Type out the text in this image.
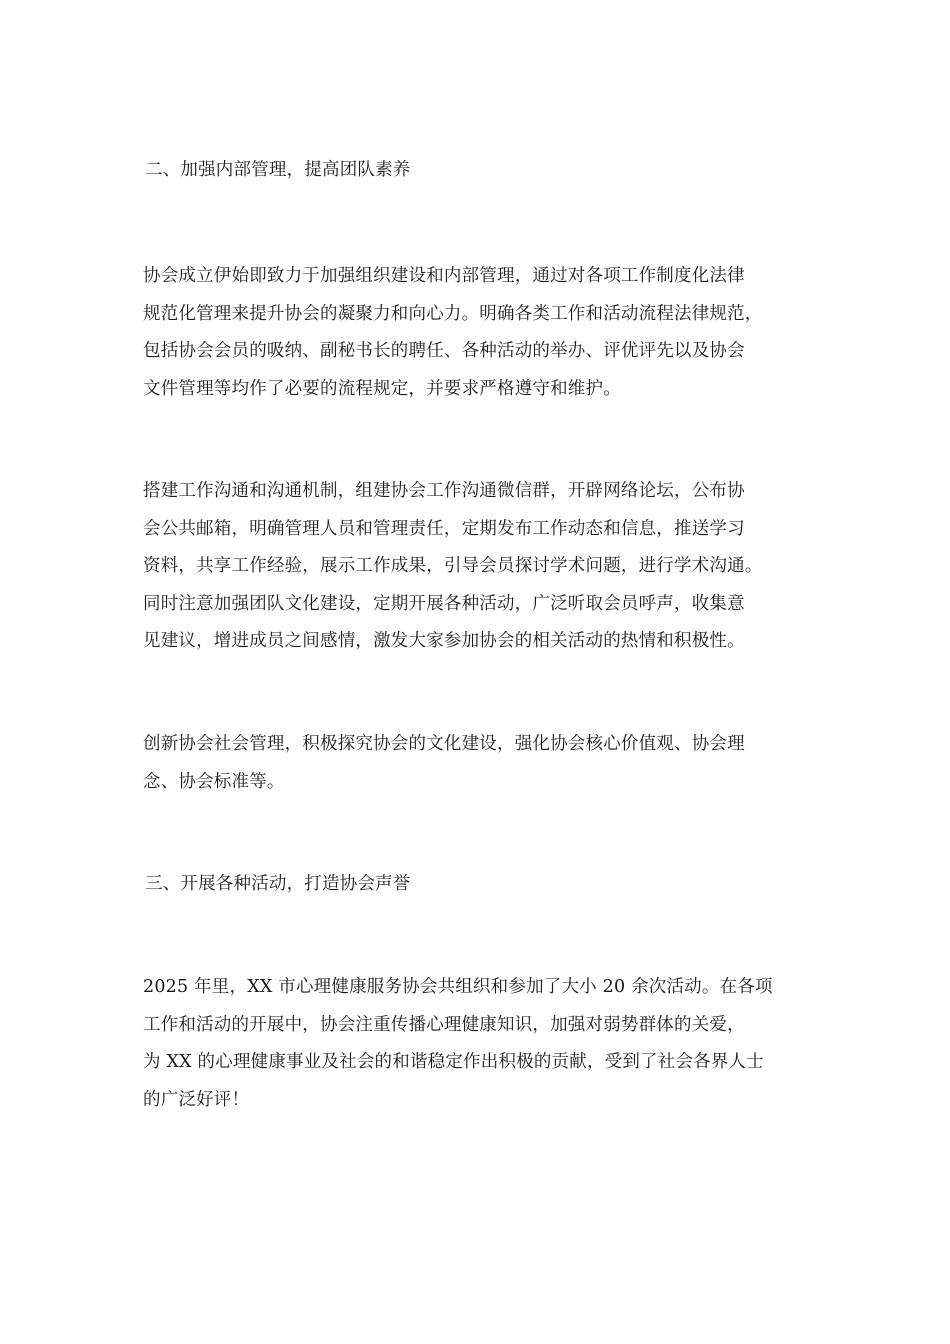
二、加强内部管理，提高团队素养
协会成立伊始即致力于加强组织建设和内部管理，通过对各项工作制度化法律
规范化管理来提升协会的凝聚力和向心力。明确各类工作和活动流程法律规范，
包括协会会员的吸纳、副秘书长的聘任、各种活动的举办、评优评先以及协会
文件管理等均作了必要的流程规定，并要求严格遵守和维护。
搭建工作沟通和沟通机制，组建协会工作沟通微信群，开辟网络论坛，公布协
会公共邮箱，明确管理人员和管理责任，定期发布工作动态和信息，推送学习
资料，共享工作经验，展示工作成果，引导会员探讨学术问题，进行学术沟通。
同时注意加强团队文化建设，定期开展各种活动，广泛听取会员呼声，收集意
见建议，增进成员之间感情，激发大家参加协会的相关活动的热情和积极性。
创新协会社会管理，积极探究协会的文化建设，强化协会核心价值观、协会理
念、协会标准等。
三、开展各种活动，打造协会声誉
2025 年里，XX 市心理健康服务协会共组织和参加了大小 20 余次活动。在各项
工作和活动的开展中，协会注重传播心理健康知识，加强对弱势群体的关爱，
为 XX 的心理健康事业及社会的和谐稳定作出积极的贡献，受到了社会各界人士
的广泛好评！
